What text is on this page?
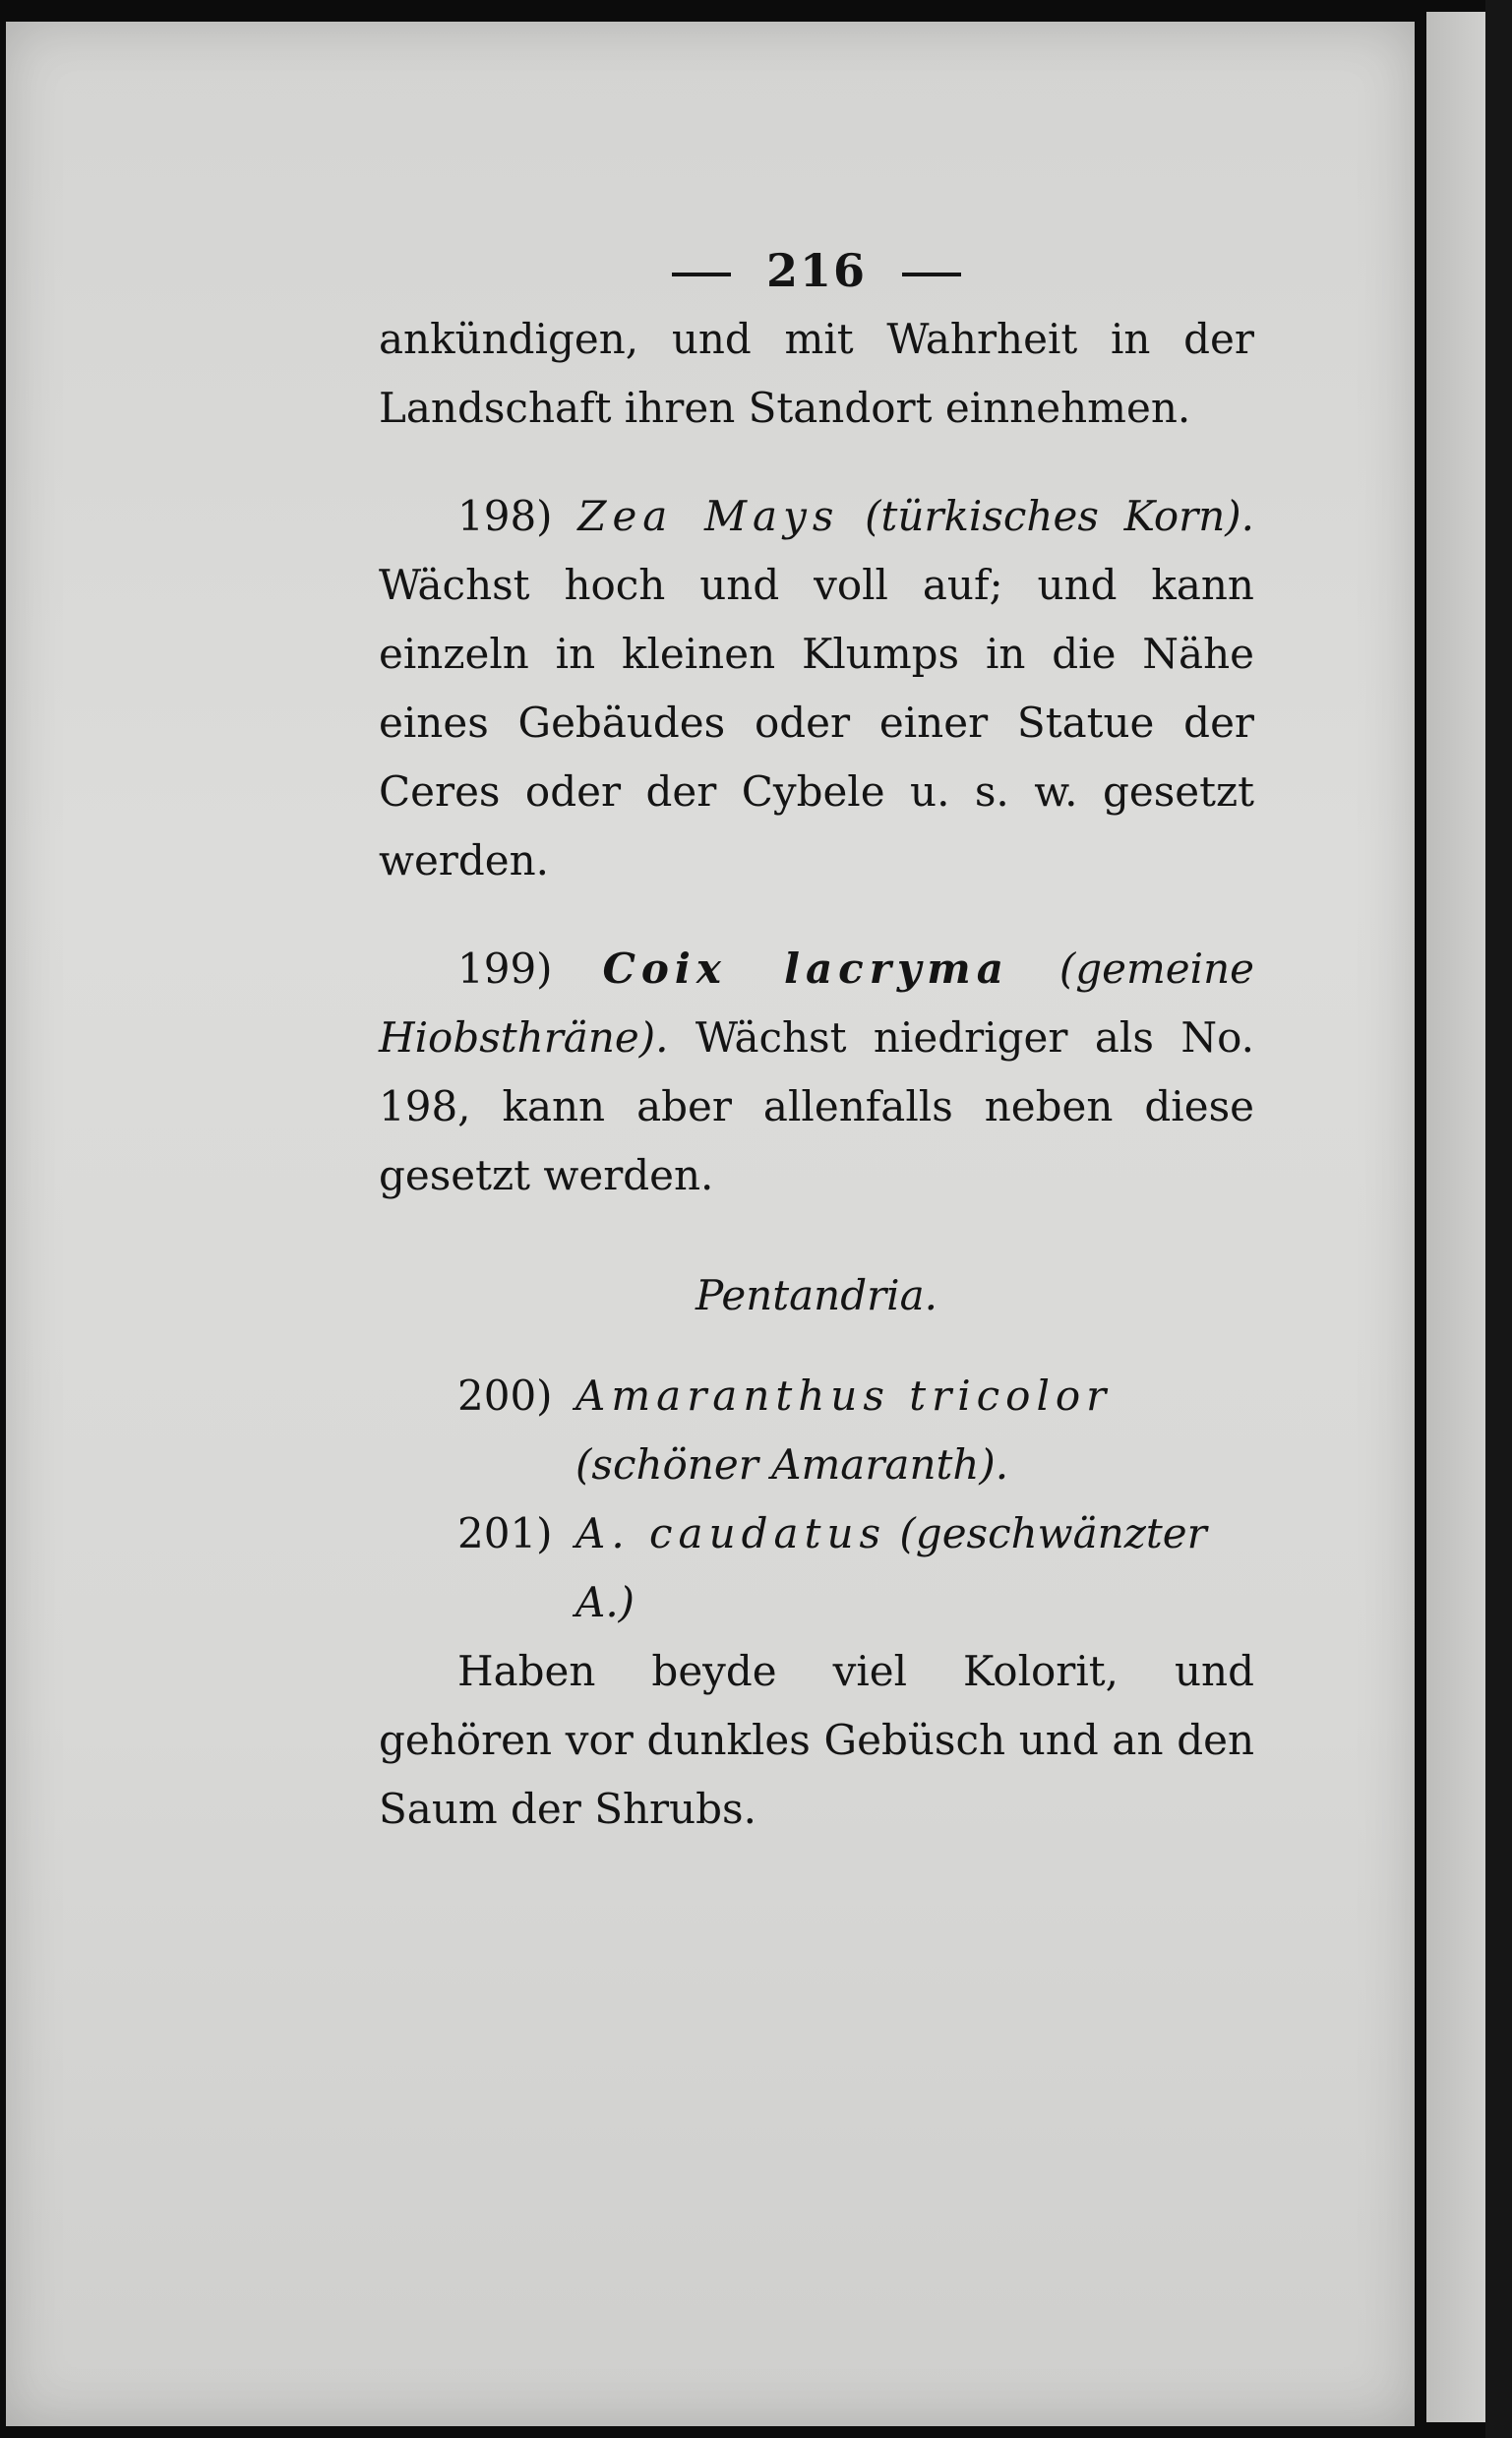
216

ankündigen, und mit Wahrheit in der Landschaft ihren Standort einnehmen.

198) Zea Mays (türkisches Korn). Wächst hoch und voll auf; und kann einzeln in kleinen Klumps in die Nähe eines Gebäudes oder einer Statue der Ceres oder der Cybele u. s. w. gesetzt werden.

199) Coix lacryma (gemeine Hiobsthräne). Wächst niedriger als No. 198, kann aber allenfalls neben diese gesetzt werden.

Pentandria.
200) Amaranthus tricolor (schöner Amaranth).
201) A. caudatus (geschwänzter A.)

Haben beyde viel Kolorit, und gehören vor dunkles Gebüsch und an den Saum der Shrubs.
